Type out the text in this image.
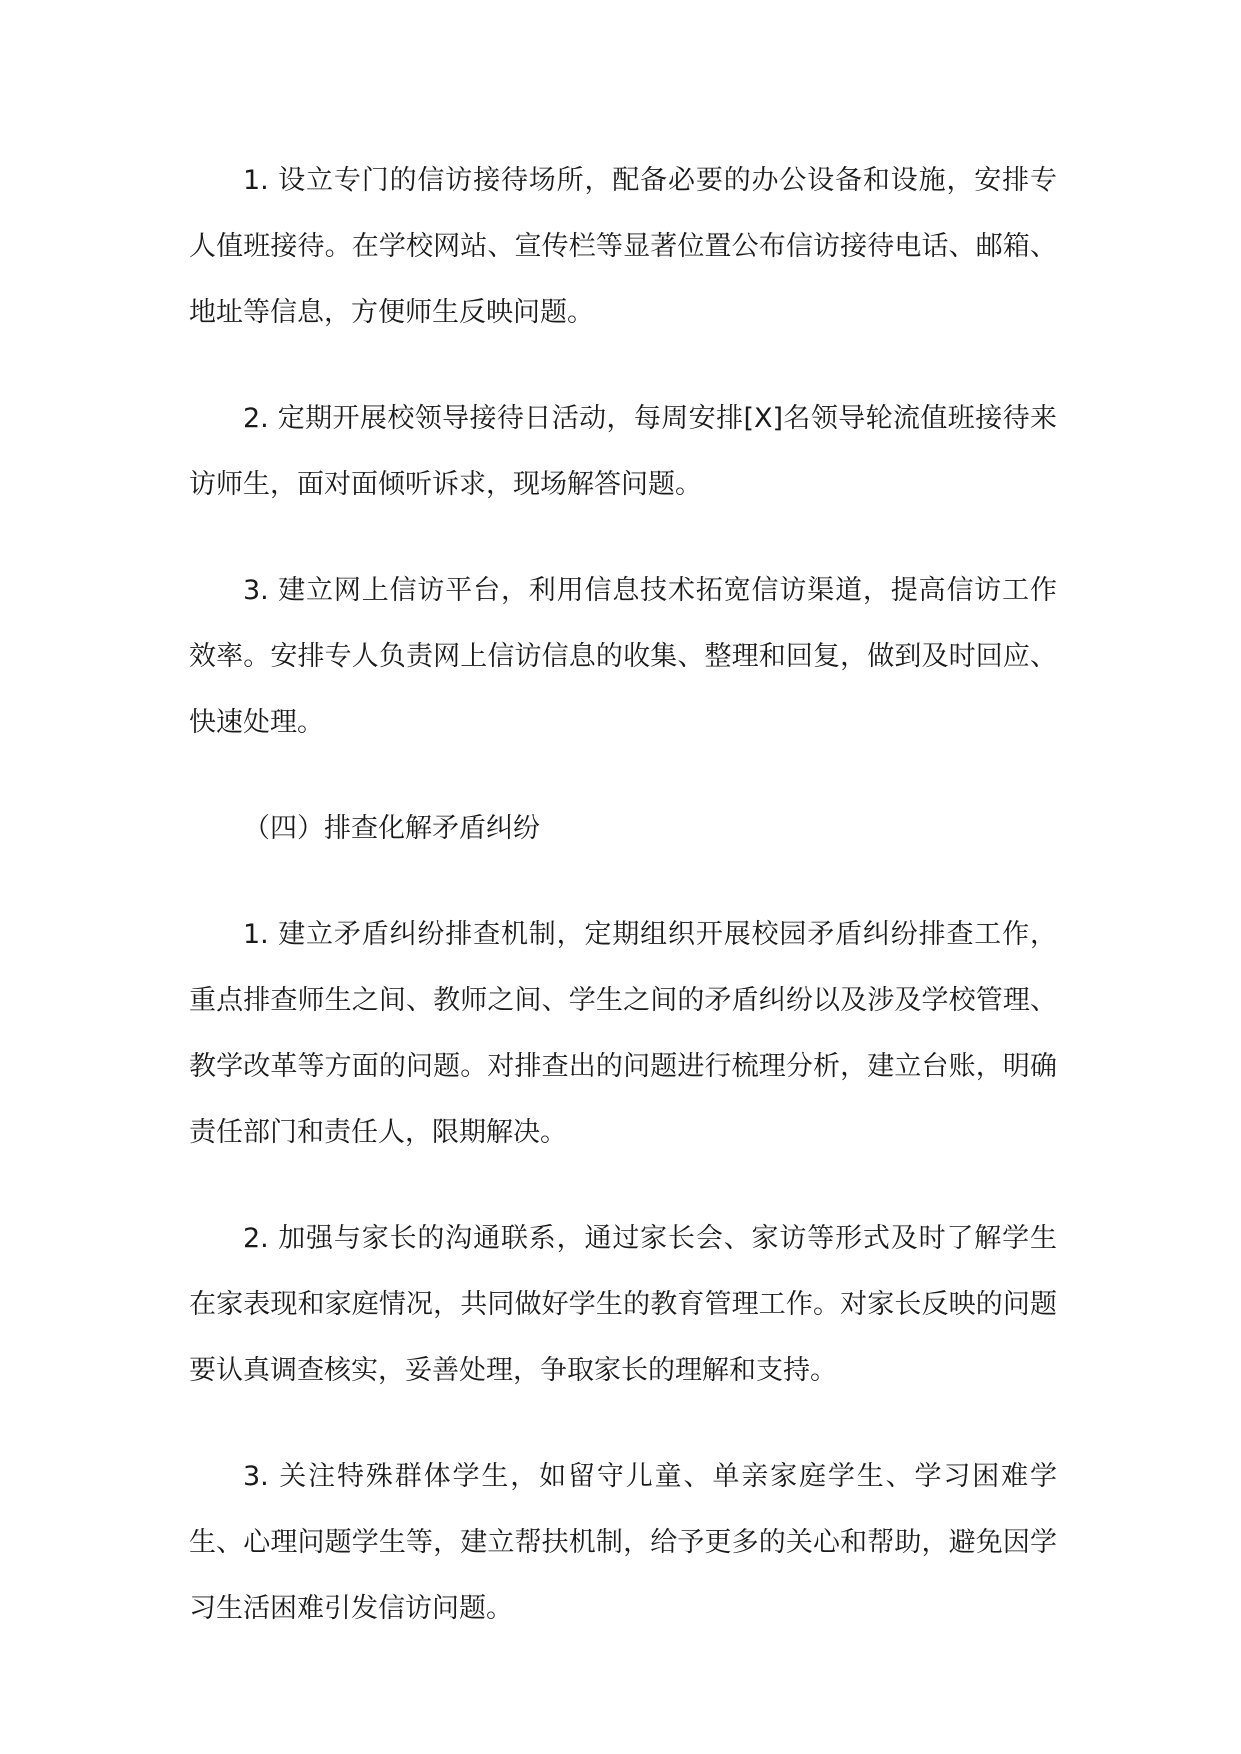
1. 设立专门的信访接待场所，配备必要的办公设备和设施，安排专人值班接待。在学校网站、宣传栏等显著位置公布信访接待电话、邮箱、地址等信息，方便师生反映问题。

2. 定期开展校领导接待日活动，每周安排[X]名领导轮流值班接待来访师生，面对面倾听诉求，现场解答问题。

3. 建立网上信访平台，利用信息技术拓宽信访渠道，提高信访工作效率。安排专人负责网上信访信息的收集、整理和回复，做到及时回应、快速处理。

（四）排查化解矛盾纠纷

1. 建立矛盾纠纷排查机制，定期组织开展校园矛盾纠纷排查工作，重点排查师生之间、教师之间、学生之间的矛盾纠纷以及涉及学校管理、教学改革等方面的问题。对排查出的问题进行梳理分析，建立台账，明确责任部门和责任人，限期解决。

2. 加强与家长的沟通联系，通过家长会、家访等形式及时了解学生在家表现和家庭情况，共同做好学生的教育管理工作。对家长反映的问题要认真调查核实，妥善处理，争取家长的理解和支持。

3. 关注特殊群体学生，如留守儿童、单亲家庭学生、学习困难学生、心理问题学生等，建立帮扶机制，给予更多的关心和帮助，避免因学习生活困难引发信访问题。
